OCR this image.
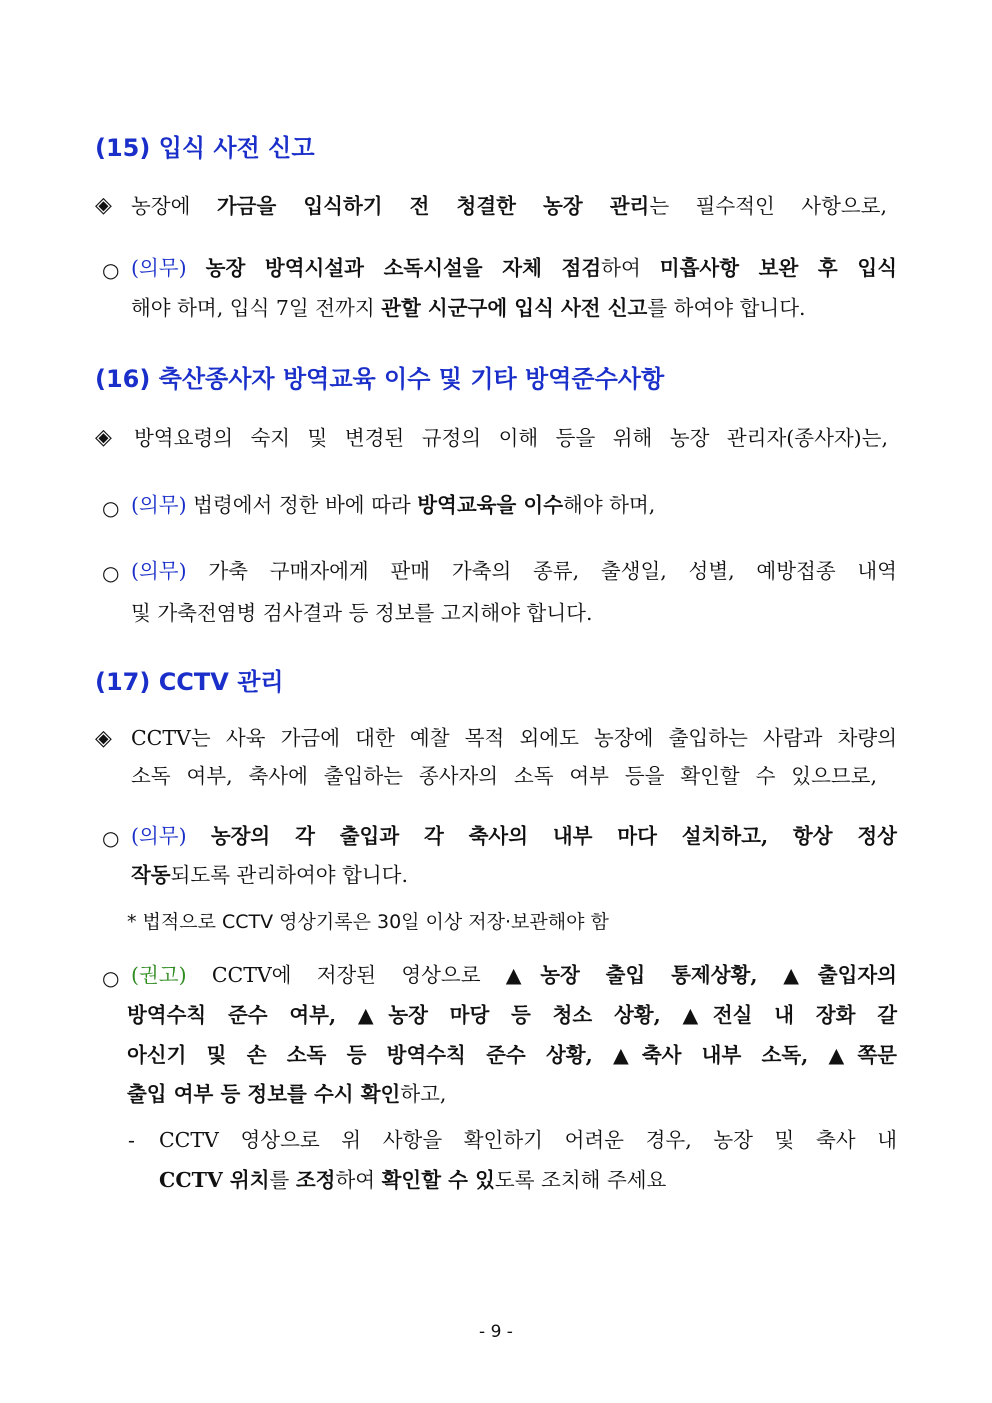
(15) 입식 사전 신고
◈ 농장에 가금을 입식하기 전 청결한 농장 관리는 필수적인 사항으로,
○ (의무) 농장 방역시설과 소독시설을 자체 점검하여 미흡사항 보완 후 입식
해야 하며, 입식 7일 전까지 관할 시군구에 입식 사전 신고를 하여야 합니다.
(16) 축산종사자 방역교육 이수 및 기타 방역준수사항
◈ 방역요령의 숙지 및 변경된 규정의 이해 등을 위해 농장 관리자(종사자)는,
○ (의무) 법령에서 정한 바에 따라 방역교육을 이수해야 하며,
○ (의무) 가축 구매자에게 판매 가축의 종류, 출생일, 성별, 예방접종 내역
및 가축전염병 검사결과 등 정보를 고지해야 합니다.
(17) CCTV 관리
◈ CCTV는 사육 가금에 대한 예찰 목적 외에도 농장에 출입하는 사람과 차량의
소독 여부, 축사에 출입하는 종사자의 소독 여부 등을 확인할 수 있으므로,
○ (의무) 농장의 각 출입과 각 축사의 내부 마다 설치하고, 항상 정상
작동되도록 관리하여야 합니다.
* 법적으로 CCTV 영상기록은 30일 이상 저장·보관해야 함
○ (권고) CCTV에 저장된 영상으로 ▲농장 출입 통제상황, ▲출입자의
방역수칙 준수 여부, ▲농장 마당 등 청소 상황, ▲전실 내 장화 갈
아신기 및 손 소독 등 방역수칙 준수 상황, ▲축사 내부 소독, ▲쪽문
출입 여부 등 정보를 수시 확인하고,
- CCTV 영상으로 위 사항을 확인하기 어려운 경우, 농장 및 축사 내
CCTV 위치를 조정하여 확인할 수 있도록 조치해 주세요
- 9 -
